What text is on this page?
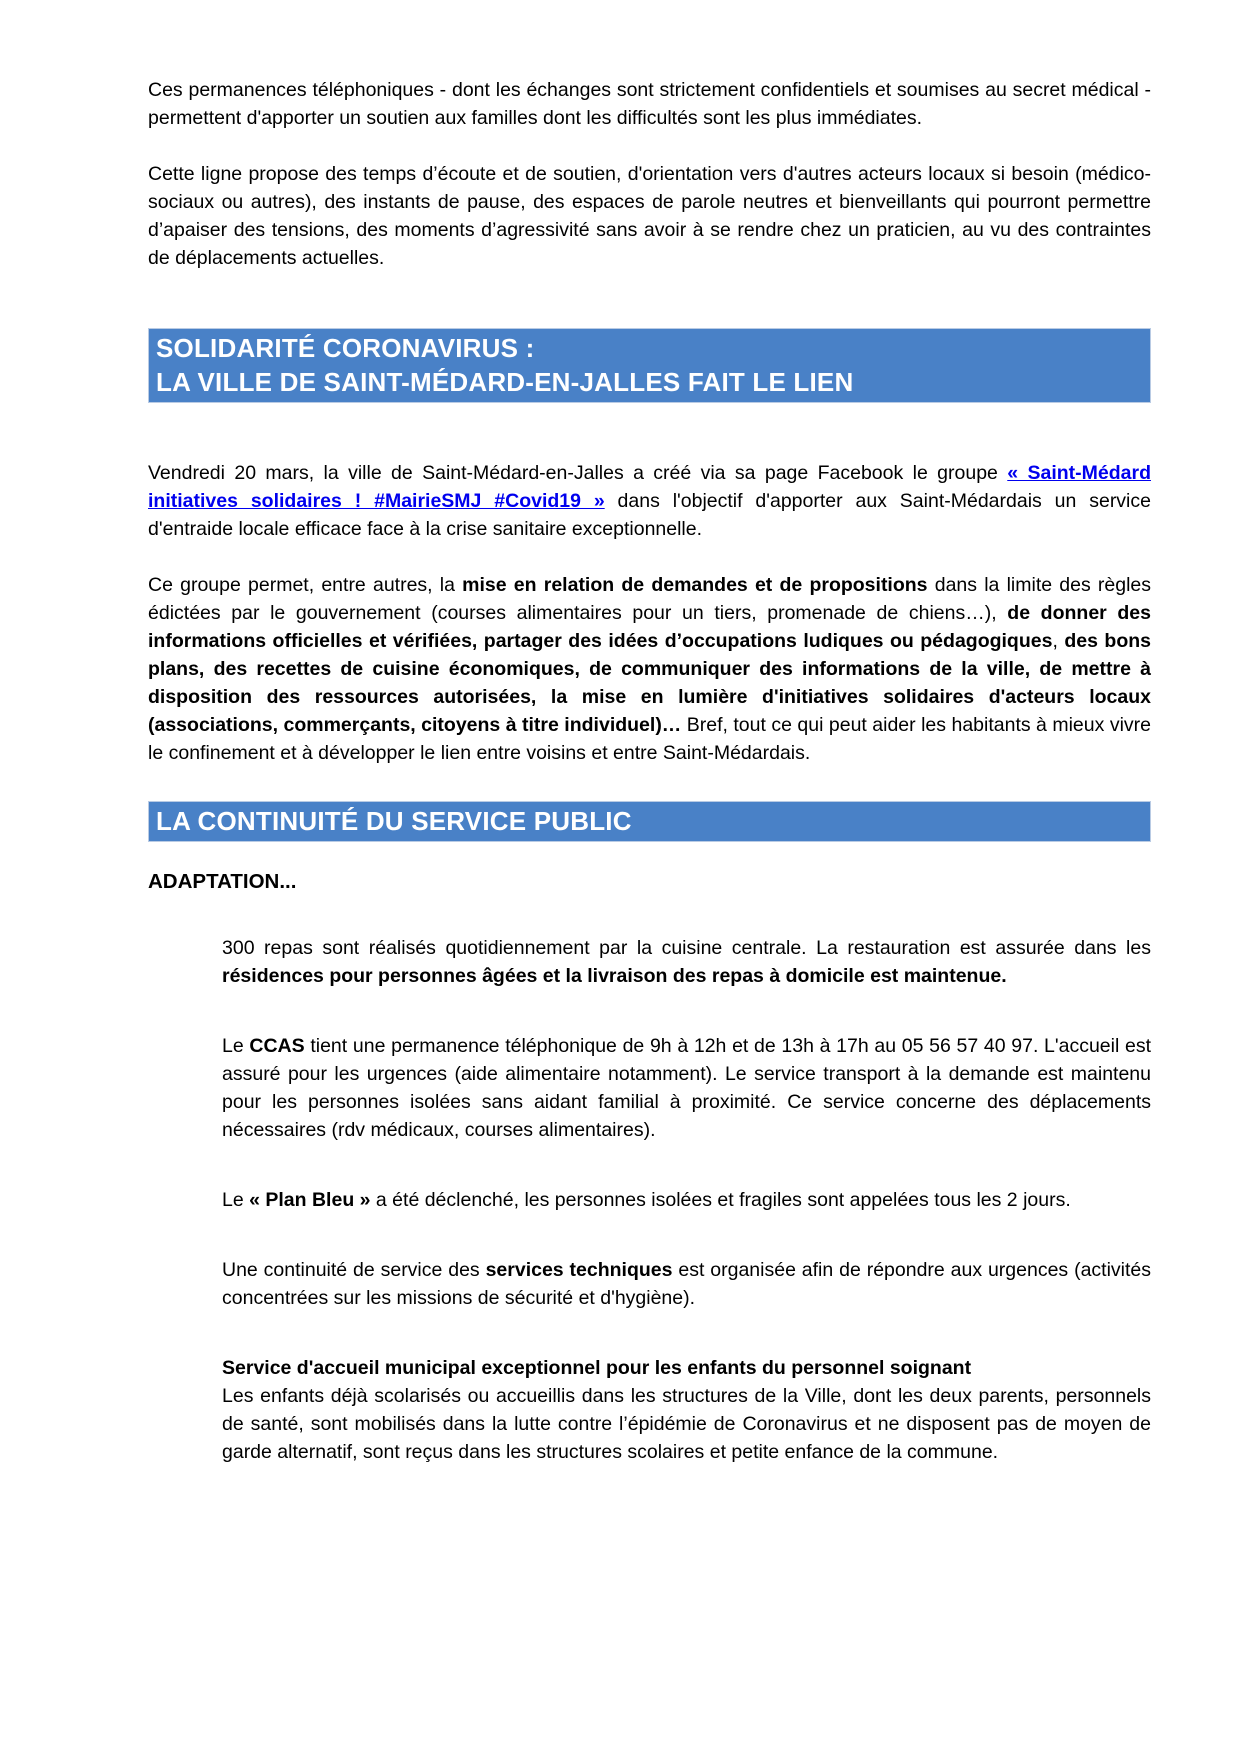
Ces permanences téléphoniques - dont les échanges sont strictement confidentiels et soumises au secret médical - permettent d'apporter un soutien aux familles dont les difficultés sont les plus immédiates.

Cette ligne propose des temps d’écoute et de soutien, d'orientation vers d'autres acteurs locaux si besoin (médico-sociaux ou autres), des instants de pause, des espaces de parole neutres et bienveillants qui pourront permettre d’apaiser des tensions, des moments d’agressivité sans avoir à se rendre chez un praticien, au vu des contraintes de déplacements actuelles.

SOLIDARITÉ CORONAVIRUS :
LA VILLE DE SAINT-MÉDARD-EN-JALLES FAIT LE LIEN

Vendredi 20 mars, la ville de Saint-Médard-en-Jalles a créé via sa page Facebook le groupe « Saint-Médard initiatives solidaires ! #MairieSMJ #Covid19 » dans l'objectif d'apporter aux Saint-Médardais un service d'entraide locale efficace face à la crise sanitaire exceptionnelle.

Ce groupe permet, entre autres, la mise en relation de demandes et de propositions dans la limite des règles édictées par le gouvernement (courses alimentaires pour un tiers, promenade de chiens…), de donner des informations officielles et vérifiées, partager des idées d’occupations ludiques ou pédagogiques, des bons plans, des recettes de cuisine économiques, de communiquer des informations de la ville, de mettre à disposition des ressources autorisées, la mise en lumière d'initiatives solidaires d'acteurs locaux (associations, commerçants, citoyens à titre individuel)… Bref, tout ce qui peut aider les habitants à mieux vivre le confinement et à développer le lien entre voisins et entre Saint-Médardais.

LA CONTINUITÉ DU SERVICE PUBLIC
ADAPTATION...

300 repas sont réalisés quotidiennement par la cuisine centrale. La restauration est assurée dans les résidences pour personnes âgées et la livraison des repas à domicile est maintenue.

Le CCAS tient une permanence téléphonique de 9h à 12h et de 13h à 17h au 05 56 57 40 97. L'accueil est assuré pour les urgences (aide alimentaire notamment). Le service transport à la demande est maintenu pour les personnes isolées sans aidant familial à proximité. Ce service concerne des déplacements nécessaires (rdv médicaux, courses alimentaires).

Le « Plan Bleu » a été déclenché, les personnes isolées et fragiles sont appelées tous les 2 jours.

Une continuité de service des services techniques est organisée afin de répondre aux urgences (activités concentrées sur les missions de sécurité et d'hygiène).

Service d'accueil municipal exceptionnel pour les enfants du personnel soignant
Les enfants déjà scolarisés ou accueillis dans les structures de la Ville, dont les deux parents, personnels de santé, sont mobilisés dans la lutte contre l’épidémie de Coronavirus et ne disposent pas de moyen de garde alternatif, sont reçus dans les structures scolaires et petite enfance de la commune.
